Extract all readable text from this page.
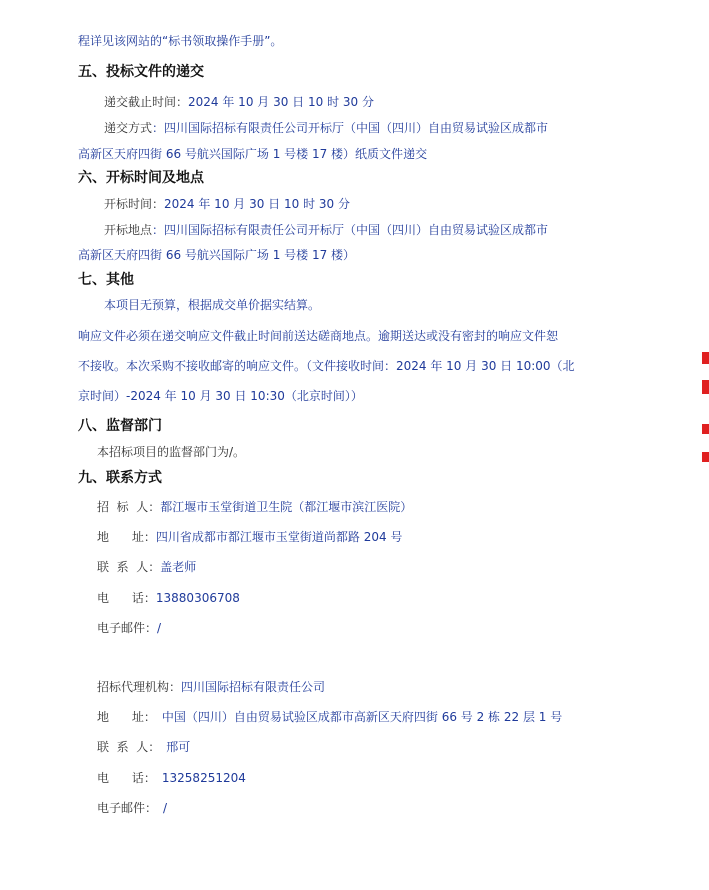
程详见该网站的“标书领取操作手册”。
五、投标文件的递交
递交截止时间：2024 年 10 月 30 日 10 时 30 分
递交方式：四川国际招标有限责任公司开标厅（中国（四川）自由贸易试验区成都市
高新区天府四街 66 号航兴国际广场 1 号楼 17 楼）纸质文件递交
六、开标时间及地点
开标时间：2024 年 10 月 30 日 10 时 30 分
开标地点：四川国际招标有限责任公司开标厅（中国（四川）自由贸易试验区成都市
高新区天府四街 66 号航兴国际广场 1 号楼 17 楼）
七、其他
本项目无预算，根据成交单价据实结算。
响应文件必须在递交响应文件截止时间前送达磋商地点。逾期送达或没有密封的响应文件恕
不接收。本次采购不接收邮寄的响应文件。（文件接收时间：2024 年 10 月 30 日 10:00（北
京时间）-2024 年 10 月 30 日 10:30（北京时间））
八、监督部门
本招标项目的监督部门为/。
九、联系方式
招  标  人：都江堰市玉堂街道卫生院（都江堰市滨江医院）
地      址：四川省成都市都江堰市玉堂街道尚都路 204 号
联  系  人：盖老师
电      话：13880306708
电子邮件：/
招标代理机构：四川国际招标有限责任公司
地      址： 中国（四川）自由贸易试验区成都市高新区天府四街 66 号 2 栋 22 层 1 号
联  系  人： 邢可
电      话： 13258251204
电子邮件： /
